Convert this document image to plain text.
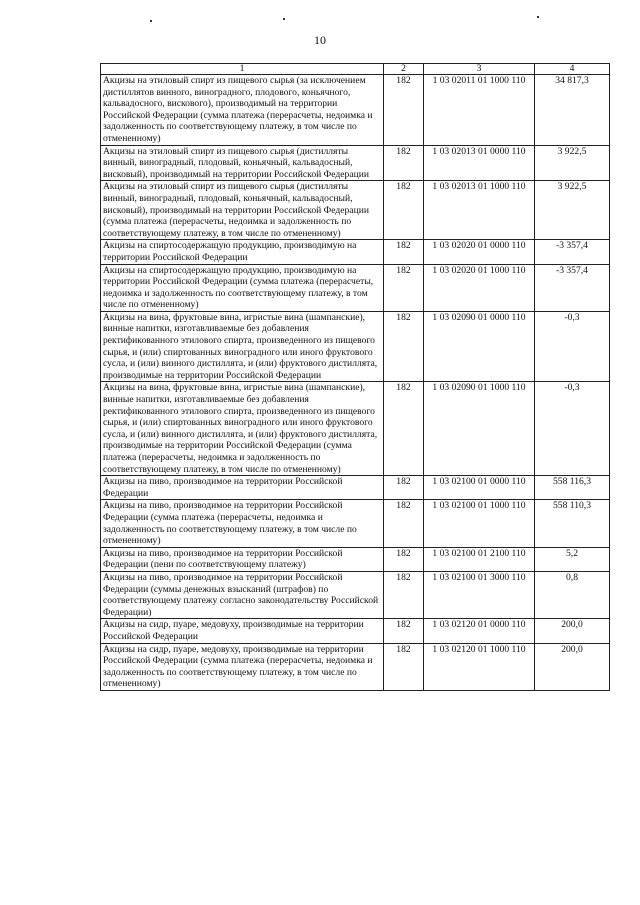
10
1	2	3	4
Акцизы на этиловый спирт из пищевого сырья (за исключением дистиллятов винного, виноградного, плодового, коньячного, кальвадосного, вискового), производимый на территории Российской Федерации (сумма платежа (перерасчеты, недоимка и задолженность по соответствующему платежу, в том числе по отмененному)	182	1 03 02011 01 1000 110	34 817,3
Акцизы на этиловый спирт из пищевого сырья (дистилляты винный, виноградный, плодовый, коньячный, кальвадосный, висковый), производимый на территории Российской Федерации	182	1 03 02013 01 0000 110	3 922,5
Акцизы на этиловый спирт из пищевого сырья (дистилляты винный, виноградный, плодовый, коньячный, кальвадосный, висковый), производимый на территории Российской Федерации (сумма платежа (перерасчеты, недоимка и задолженность по соответствующему платежу, в том числе по отмененному)	182	1 03 02013 01 1000 110	3 922,5
Акцизы на спиртосодержащую продукцию, производимую на территории Российской Федерации	182	1 03 02020 01 0000 110	-3 357,4
Акцизы на спиртосодержащую продукцию, производимую на территории Российской Федерации (сумма платежа (перерасчеты, недоимка и задолженность по соответствующему платежу, в том числе по отмененному)	182	1 03 02020 01 1000 110	-3 357,4
Акцизы на вина, фруктовые вина, игристые вина (шампанские), винные напитки, изготавливаемые без добавления ректификованного этилового спирта, произведенного из пищевого сырья, и (или) спиртованных виноградного или иного фруктового сусла, и (или) винного дистиллята, и (или) фруктового дистиллята, производимые на территории Российской Федерации	182	1 03 02090 01 0000 110	-0,3
Акцизы на вина, фруктовые вина, игристые вина (шампанские), винные напитки, изготавливаемые без добавления ректификованного этилового спирта, произведенного из пищевого сырья, и (или) спиртованных виноградного или иного фруктового сусла, и (или) винного дистиллята, и (или) фруктового дистиллята, производимые на территории Российской Федерации (сумма платежа (перерасчеты, недоимка и задолженность по соответствующему платежу, в том числе по отмененному)	182	1 03 02090 01 1000 110	-0,3
Акцизы на пиво, производимое на территории Российской Федерации	182	1 03 02100 01 0000 110	558 116,3
Акцизы на пиво, производимое на территории Российской Федерации (сумма платежа (перерасчеты, недоимка и задолженность по соответствующему платежу, в том числе по отмененному)	182	1 03 02100 01 1000 110	558 110,3
Акцизы на пиво, производимое на территории Российской Федерации (пени по соответствующему платежу)	182	1 03 02100 01 2100 110	5,2
Акцизы на пиво, производимое на территории Российской Федерации (суммы денежных взысканий (штрафов) по соответствующему платежу согласно законодательству Российской Федерации)	182	1 03 02100 01 3000 110	0,8
Акцизы на сидр, пуаре, медовуху, производимые на территории Российской Федерации	182	1 03 02120 01 0000 110	200,0
Акцизы на сидр, пуаре, медовуху, производимые на территории Российской Федерации (сумма платежа (перерасчеты, недоимка и задолженность по соответствующему платежу, в том числе по отмененному)	182	1 03 02120 01 1000 110	200,0
